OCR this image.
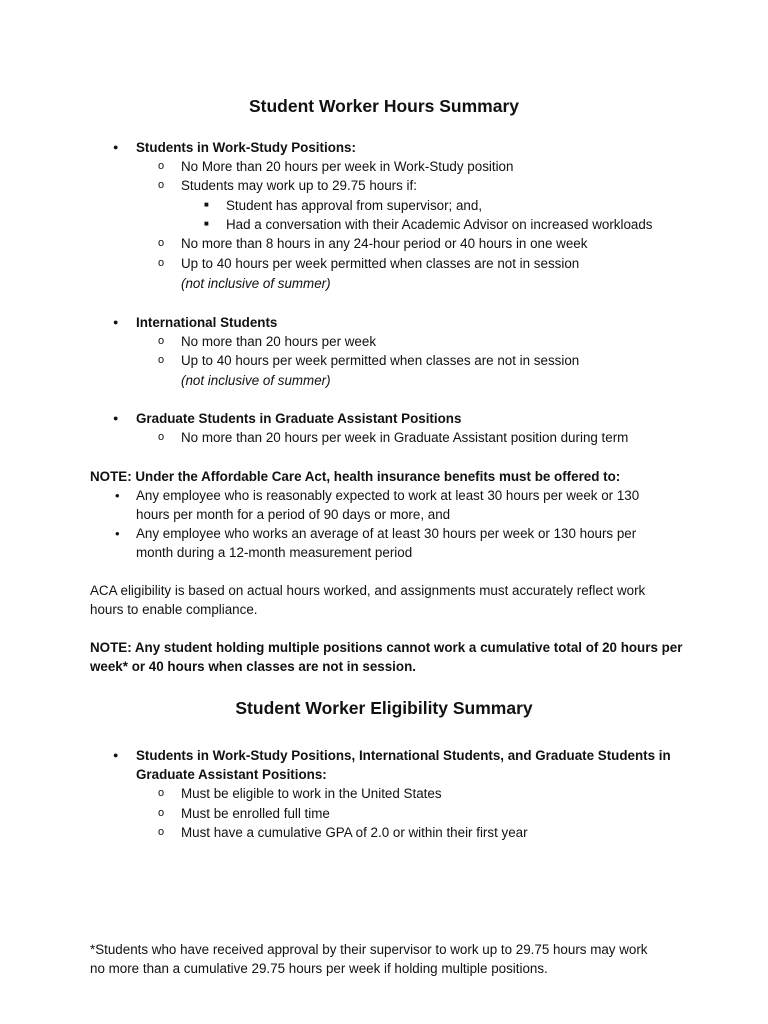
Student Worker Hours Summary
● Students in Work-Study Positions:
o No More than 20 hours per week in Work-Study position
o Students may work up to 29.75 hours if:
■ Student has approval from supervisor; and,
■ Had a conversation with their Academic Advisor on increased workloads
o No more than 8 hours in any 24-hour period or 40 hours in one week
o Up to 40 hours per week permitted when classes are not in session
(not inclusive of summer)
● International Students
o No more than 20 hours per week
o Up to 40 hours per week permitted when classes are not in session
(not inclusive of summer)
● Graduate Students in Graduate Assistant Positions
o No more than 20 hours per week in Graduate Assistant position during term
NOTE: Under the Affordable Care Act, health insurance benefits must be offered to:
• Any employee who is reasonably expected to work at least 30 hours per week or 130
hours per month for a period of 90 days or more, and
• Any employee who works an average of at least 30 hours per week or 130 hours per
month during a 12-month measurement period
ACA eligibility is based on actual hours worked, and assignments must accurately reflect work
hours to enable compliance.
NOTE: Any student holding multiple positions cannot work a cumulative total of 20 hours per
week* or 40 hours when classes are not in session.
Student Worker Eligibility Summary
● Students in Work-Study Positions, International Students, and Graduate Students in
Graduate Assistant Positions:
o Must be eligible to work in the United States
o Must be enrolled full time
o Must have a cumulative GPA of 2.0 or within their first year
*Students who have received approval by their supervisor to work up to 29.75 hours may work
no more than a cumulative 29.75 hours per week if holding multiple positions.
